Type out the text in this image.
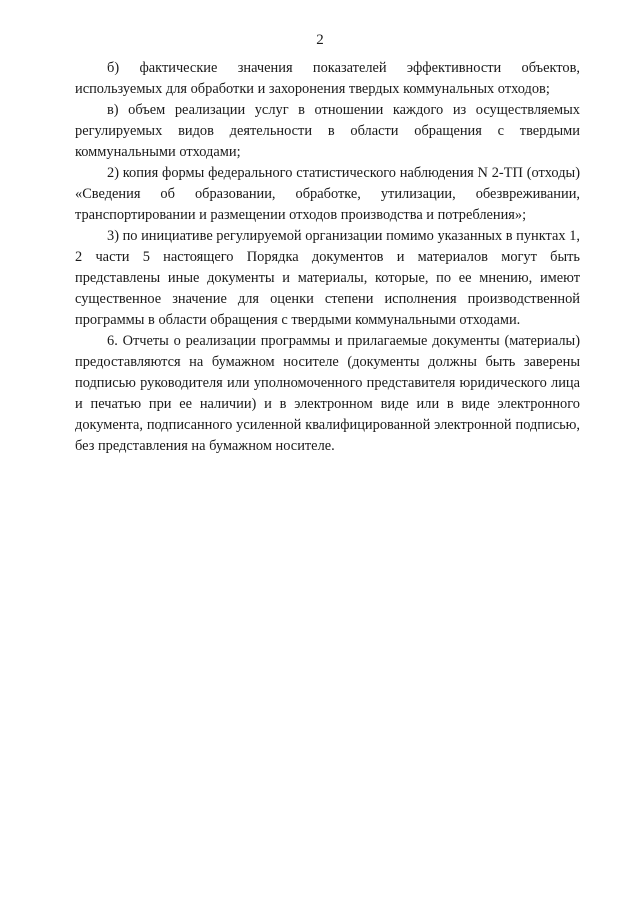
2

б) фактические значения показателей эффективности объектов, используемых для обработки и захоронения твердых коммунальных отходов;

в) объем реализации услуг в отношении каждого из осуществляемых регулируемых видов деятельности в области обращения с твердыми коммунальными отходами;

2) копия формы федерального статистического наблюдения N 2-ТП (отходы) «Сведения об образовании, обработке, утилизации, обезвреживании, транспортировании и размещении отходов производства и потребления»;

3) по инициативе регулируемой организации помимо указанных в пунктах 1, 2 части 5 настоящего Порядка документов и материалов могут быть представлены иные документы и материалы, которые, по ее мнению, имеют существенное значение для оценки степени исполнения производственной программы в области обращения с твердыми коммунальными отходами.

6. Отчеты о реализации программы и прилагаемые документы (материалы) предоставляются на бумажном носителе (документы должны быть заверены подписью руководителя или уполномоченного представителя юридического лица и печатью при ее наличии) и в электронном виде или в виде электронного документа, подписанного усиленной квалифицированной электронной подписью, без представления на бумажном носителе.
